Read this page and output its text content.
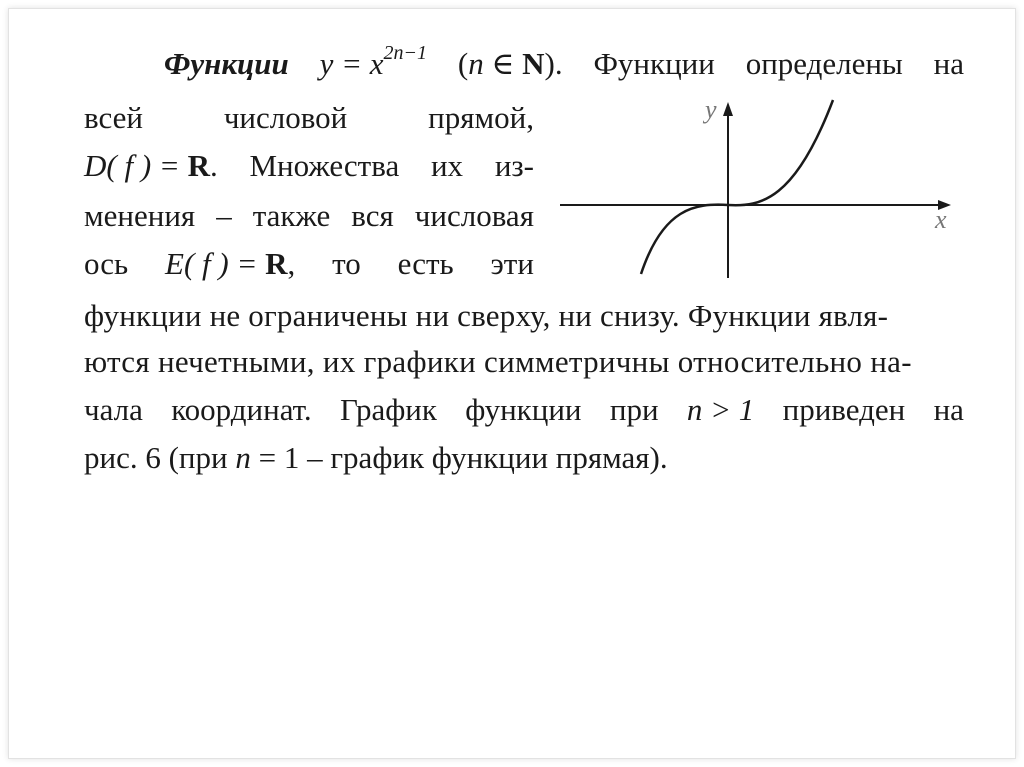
Функции $y = x^{2n-1}$ (n ∈ N). Функции определены на
всей	числовой	прямой,
D( f ) = R. Множества их из-
менения – также вся числовая
ось E( f ) = R, то есть эти
функции не ограничены ни сверху, ни снизу. Функции явля-
ются нечетными, их графики симметричны относительно на-
чала координат. График функции при n > 1 приведен на
рис. 6 (при n = 1 – график функции прямая).
x
y
